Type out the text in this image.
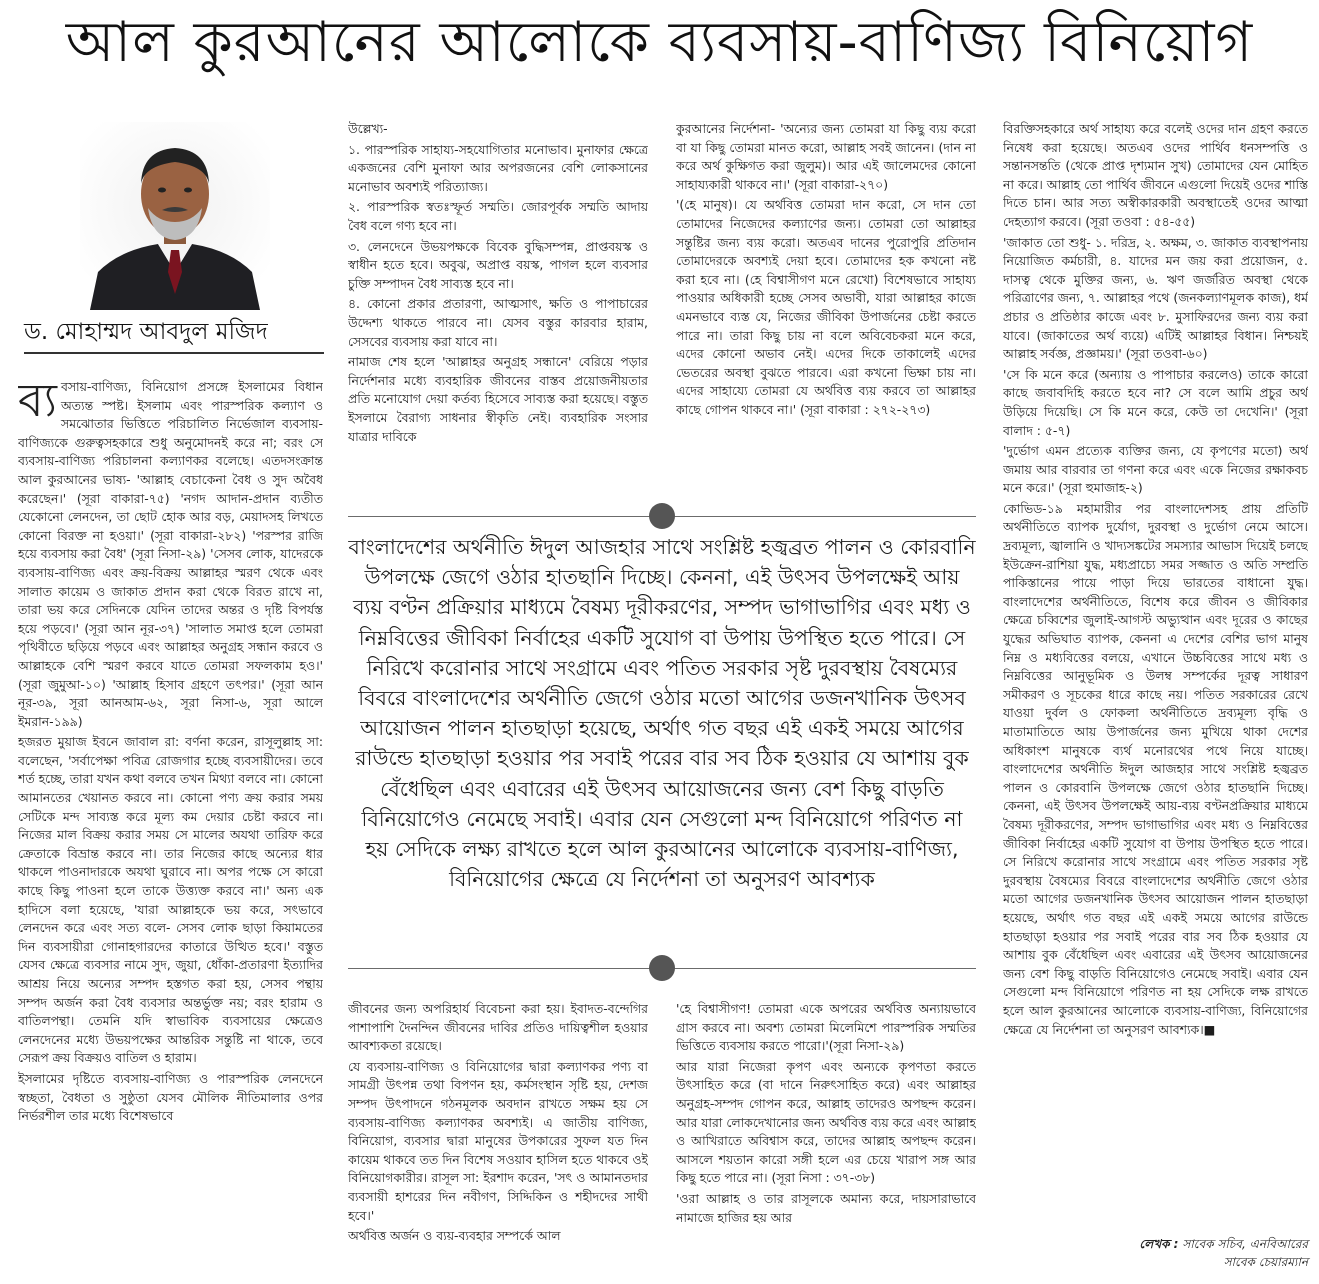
আল কুরআনের আলোকে ব্যবসায়-বাণিজ্য বিনিয়োগ
ড. মোহাম্মদ আবদুল মজিদ

ব্য বসায়-বাণিজ্য, বিনিয়োগ প্রসঙ্গে ইসলামের বিধান অত্যন্ত স্পষ্ট। ইসলাম এবং পারস্পরিক কল্যাণ ও সমঝোতার ভিত্তিতে পরিচালিত নির্ভেজাল ব্যবসায়-বাণিজ্যকে গুরুত্বসহকারে শুধু অনুমোদনই করে না; বরং সে ব্যবসায়-বাণিজ্য পরিচালনা কল্যাণকর বলেছে। এতদসংক্রান্ত আল কুরআনের ভাষ্য- 'আল্লাহ বেচাকেনা বৈধ ও সুদ অবৈধ করেছেন।' (সূরা বাকারা-৭৫) 'নগদ আদান-প্রদান ব্যতীত যেকোনো লেনদেন, তা ছোট হোক আর বড়, মেয়াদসহ লিখতে কোনো বিরক্ত না হওয়া।' (সূরা বাকারা-২৮২) 'পরস্পর রাজি হয়ে ব্যবসায় করা বৈধ' (সূরা নিসা-২৯) 'সেসব লোক, যাদেরকে ব্যবসায়-বাণিজ্য এবং ক্রয়-বিক্রয় আল্লাহর স্মরণ থেকে এবং সালাত কায়েম ও জাকাত প্রদান করা থেকে বিরত রাখে না, তারা ভয় করে সেদিনকে যেদিন তাদের অন্তর ও দৃষ্টি বিপর্যস্ত হয়ে পড়বে।' (সূরা আন নূর-৩৭) 'সালাত সমাপ্ত হলে তোমরা পৃথিবীতে ছড়িয়ে পড়বে এবং আল্লাহর অনুগ্রহ সন্ধান করবে ও আল্লাহকে বেশি স্মরণ করবে যাতে তোমরা সফলকাম হও।' (সূরা জুমুআ-১০) 'আল্লাহ হিসাব গ্রহণে তৎপর।' (সূরা আন নূর-৩৯, সূরা আনআম-৬২, সূরা নিসা-৬, সূরা আলে ইমরান-১৯৯)

হজরত মুয়াজ ইবনে জাবাল রা: বর্ণনা করেন, রাসূলুল্লাহ সা: বলেছেন, 'সর্বাপেক্ষা পবিত্র রোজগার হচ্ছে ব্যবসায়ীদের। তবে শর্ত হচ্ছে, তারা যখন কথা বলবে তখন মিথ্যা বলবে না। কোনো আমানতের খেয়ানত করবে না। কোনো পণ্য ক্রয় করার সময় সেটিকে মন্দ সাব্যস্ত করে মূল্য কম দেয়ার চেষ্টা করবে না। নিজের মাল বিক্রয় করার সময় সে মালের অযথা তারিফ করে ক্রেতাকে বিভ্রান্ত করবে না। তার নিজের কাছে অন্যের ধার থাকলে পাওনাদারকে অযথা ঘুরাবে না। অপর পক্ষে সে কারো কাছে কিছু পাওনা হলে তাকে উত্ত্যক্ত করবে না।' অন্য এক হাদিসে বলা হয়েছে, 'যারা আল্লাহকে ভয় করে, সৎভাবে লেনদেন করে এবং সত্য বলে- সেসব লোক ছাড়া কিয়ামতের দিন ব্যবসায়ীরা গোনাহগারদের কাতারে উত্থিত হবে।' বস্তুত যেসব ক্ষেত্রে ব্যবসার নামে সুদ, জুয়া, ধোঁকা-প্রতারণা ইত্যাদির আশ্রয় নিয়ে অন্যের সম্পদ হস্তগত করা হয়, সেসব পন্থায় সম্পদ অর্জন করা বৈধ ব্যবসার অন্তর্ভুক্ত নয়; বরং হারাম ও বাতিলপন্থা। তেমনি যদি স্বাভাবিক ব্যবসায়ের ক্ষেত্রেও লেনদেনের মধ্যে উভয়পক্ষের আন্তরিক সন্তুষ্টি না থাকে, তবে সেরূপ ক্রয় বিক্রয়ও বাতিল ও হারাম।

ইসলামের দৃষ্টিতে ব্যবসায়-বাণিজ্য ও পারস্পরিক লেনদেনে স্বচ্ছতা, বৈধতা ও সুষ্ঠুতা যেসব মৌলিক নীতিমালার ওপর নির্ভরশীল তার মধ্যে বিশেষভাবে

উল্লেখ্য-

১. পারস্পরিক সাহায্য-সহযোগিতার মনোভাব। মুনাফার ক্ষেত্রে একজনের বেশি মুনাফা আর অপরজনের বেশি লোকসানের মনোভাব অবশ্যই পরিত্যাজ্য।

২. পারস্পরিক স্বতঃস্ফূর্ত সম্মতি। জোরপূর্বক সম্মতি আদায় বৈধ বলে গণ্য হবে না।

৩. লেনদেনে উভয়পক্ষকে বিবেক বুদ্ধিসম্পন্ন, প্রাপ্তবয়স্ক ও স্বাধীন হতে হবে। অবুঝ, অপ্রাপ্ত বয়স্ক, পাগল হলে ব্যবসার চুক্তি সম্পাদন বৈধ সাব্যস্ত হবে না।

৪. কোনো প্রকার প্রতারণা, আত্মসাৎ, ক্ষতি ও পাপাচারের উদ্দেশ্য থাকতে পারবে না। যেসব বস্তুর কারবার হারাম, সেসবের ব্যবসায় করা যাবে না।

নামাজ শেষ হলে 'আল্লাহর অনুগ্রহ সন্ধানে' বেরিয়ে পড়ার নির্দেশনার মধ্যে ব্যবহারিক জীবনের বাস্তব প্রয়োজনীয়তার প্রতি মনোযোগ দেয়া কর্তব্য হিসেবে সাব্যস্ত করা হয়েছে। বস্তুত ইসলামে বৈরাগ্য সাধনার স্বীকৃতি নেই। ব্যবহারিক সংসার যাত্রার দাবিকে

কুরআনের নির্দেশনা- 'অন্যের জন্য তোমরা যা কিছু ব্যয় করো বা যা কিছু তোমরা মানত করো, আল্লাহ সবই জানেন। (দান না করে অর্থ কুক্ষিগত করা জুলুম)। আর এই জালেমদের কোনো সাহায্যকারী থাকবে না।' (সূরা বাকারা-২৭০)

'(হে মানুষ)। যে অর্থবিত্ত তোমরা দান করো, সে দান তো তোমাদের নিজেদের কল্যাণের জন্য। তোমরা তো আল্লাহর সন্তুষ্টির জন্য ব্যয় করো। অতএব দানের পুরোপুরি প্রতিদান তোমাদেরকে অবশ্যই দেয়া হবে। তোমাদের হক কখনো নষ্ট করা হবে না। (হে বিশ্বাসীগণ মনে রেখো) বিশেষভাবে সাহায্য পাওয়ার অধিকারী হচ্ছে সেসব অভাবী, যারা আল্লাহর কাজে এমনভাবে ব্যস্ত যে, নিজের জীবিকা উপার্জনের চেষ্টা করতে পারে না। তারা কিছু চায় না বলে অবিবেচকরা মনে করে, এদের কোনো অভাব নেই। এদের দিকে তাকালেই এদের ভেতরের অবস্থা বুঝতে পারবে। এরা কখনো ভিক্ষা চায় না। এদের সাহায্যে তোমরা যে অর্থবিত্ত ব্যয় করবে তা আল্লাহর কাছে গোপন থাকবে না।' (সূরা বাকারা : ২৭২-২৭৩)

বিরক্তিসহকারে অর্থ সাহায্য করে বলেই ওদের দান গ্রহণ করতে নিষেধ করা হয়েছে। অতএব ওদের পার্থিব ধনসম্পত্তি ও সন্তানসন্ততি (থেকে প্রাপ্ত দৃশ্যমান সুখ) তোমাদের যেন মোহিত না করে। আল্লাহ তো পার্থিব জীবনে এগুলো দিয়েই ওদের শাস্তি দিতে চান। আর সত্য অস্বীকারকারী অবস্থাতেই ওদের আত্মা দেহত্যাগ করবে। (সূরা তওবা : ৫৪-৫৫)

'জাকাত তো শুধু- ১. দরিদ্র, ২. অক্ষম, ৩. জাকাত ব্যবস্থাপনায় নিয়োজিত কর্মচারী, ৪. যাদের মন জয় করা প্রয়োজন, ৫. দাসত্ব থেকে মুক্তির জন্য, ৬. ঋণ জর্জরিত অবস্থা থেকে পরিত্রাণের জন্য, ৭. আল্লাহর পথে (জনকল্যাণমূলক কাজ), ধর্ম প্রচার ও প্রতিষ্ঠার কাজে এবং ৮. মুসাফিরদের জন্য ব্যয় করা যাবে। (জাকাতের অর্থ ব্যয়ে) এটিই আল্লাহর বিধান। নিশ্চয়ই আল্লাহ সর্বজ্ঞ, প্রজ্ঞাময়।' (সূরা তওবা-৬০)

'সে কি মনে করে (অন্যায় ও পাপাচার করলেও) তাকে কারো কাছে জবাবদিহি করতে হবে না? সে বলে আমি প্রচুর অর্থ উড়িয়ে দিয়েছি। সে কি মনে করে, কেউ তা দেখেনি।' (সূরা বালাদ : ৫-৭)

'দুর্ভোগ এমন প্রত্যেক ব্যক্তির জন্য, যে কৃপণের মতো) অর্থ জমায় আর বারবার তা গণনা করে এবং একে নিজের রক্ষাকবচ মনে করে।' (সূরা হুমাজাহ-২)

কোভিড-১৯ মহামারীর পর বাংলাদেশসহ প্রায় প্রতিটি অর্থনীতিতে ব্যাপক দুর্যোগ, দুরবস্থা ও দুর্ভোগ নেমে আসে। দ্রব্যমূল্য, জ্বালানি ও খাদ্যসঙ্কটের সমস্যার আভাস দিয়েই চলছে ইউক্রেন-রাশিয়া যুদ্ধ, মধ্যপ্রাচ্যে সমর সজ্জাত ও অতি সম্প্রতি পাকিস্তানের পায়ে পাড়া দিয়ে ভারতের বাধানো যুদ্ধ। বাংলাদেশের অর্থনীতিতে, বিশেষ করে জীবন ও জীবিকার ক্ষেত্রে চব্বিশের জুলাই-আগস্ট অভ্যুত্থান এবং দূরের ও কাছের যুদ্ধের অভিঘাত ব্যাপক, কেননা এ দেশের বেশির ভাগ মানুষ নিম্ন ও মধ্যবিত্তের বলয়ে, এখানে উচ্চবিত্তের সাথে মধ্য ও নিম্নবিত্তের আনুভূমিক ও উলম্ব সম্পর্কের দূরত্ব সাধারণ সমীকরণ ও সূচকের ধারে কাছে নয়। পতিত সরকারের রেখে যাওয়া দুর্বল ও ফোকলা অর্থনীতিতে দ্রব্যমূল্য বৃদ্ধি ও মাতামাতিতে আয় উপার্জনের জন্য মুখিয়ে থাকা দেশের অধিকাংশ মানুষকে ব্যর্থ মনোরথের পথে নিয়ে যাচ্ছে। বাংলাদেশের অর্থনীতি ঈদুল আজহার সাথে সংশ্লিষ্ট হজ্বব্রত পালন ও কোরবানি উপলক্ষে জেগে ওঠার হাতছানি দিচ্ছে। কেননা, এই উৎসব উপলক্ষেই আয়-ব্যয় বণ্টনপ্রক্রিয়ার মাধ্যমে বৈষম্য দূরীকরণের, সম্পদ ভাগাভাগির এবং মধ্য ও নিম্নবিত্তের জীবিকা নির্বাহের একটি সুযোগ বা উপায় উপস্থিত হতে পারে। সে নিরিখে করোনার সাথে সংগ্রামে এবং পতিত সরকার সৃষ্ট দুরবস্থায় বৈষম্যের বিবরে বাংলাদেশের অর্থনীতি জেগে ওঠার মতো আগের ডজনখানিক উৎসব আয়োজন পালন হাতছাড়া হয়েছে, অর্থাৎ গত বছর এই একই সময়ে আগের রাউন্ডে হাতছাড়া হওয়ার পর সবাই পরের বার সব ঠিক হওয়ার যে আশায় বুক বেঁধেছিল এবং এবারের এই উৎসব আয়োজনের জন্য বেশ কিছু বাড়তি বিনিয়োগেও নেমেছে সবাই। এবার যেন সেগুলো মন্দ বিনিয়োগে পরিণত না হয় সেদিকে লক্ষ রাখতে হলে আল কুরআনের আলোকে ব্যবসায়-বাণিজ্য, বিনিয়োগের ক্ষেত্রে যে নির্দেশনা তা অনুসরণ আবশ্যক।■

বাংলাদেশের অর্থনীতি ঈদুল আজহার সাথে সংশ্লিষ্ট হজ্বব্রত পালন ও কোরবানি উপলক্ষে জেগে ওঠার হাতছানি দিচ্ছে। কেননা, এই উৎসব উপলক্ষেই আয় ব্যয় বণ্টন প্রক্রিয়ার মাধ্যমে বৈষম্য দূরীকরণের, সম্পদ ভাগাভাগির এবং মধ্য ও নিম্নবিত্তের জীবিকা নির্বাহের একটি সুযোগ বা উপায় উপস্থিত হতে পারে। সে নিরিখে করোনার সাথে সংগ্রামে এবং পতিত সরকার সৃষ্ট দুরবস্থায় বৈষম্যের বিবরে বাংলাদেশের অর্থনীতি জেগে ওঠার মতো আগের ডজনখানিক উৎসব আয়োজন পালন হাতছাড়া হয়েছে, অর্থাৎ গত বছর এই একই সময়ে আগের রাউন্ডে হাতছাড়া হওয়ার পর সবাই পরের বার সব ঠিক হওয়ার যে আশায় বুক বেঁধেছিল এবং এবারের এই উৎসব আয়োজনের জন্য বেশ কিছু বাড়তি বিনিয়োগেও নেমেছে সবাই। এবার যেন সেগুলো মন্দ বিনিয়োগে পরিণত না হয় সেদিকে লক্ষ্য রাখতে হলে আল কুরআনের আলোকে ব্যবসায়-বাণিজ্য, বিনিয়োগের ক্ষেত্রে যে নির্দেশনা তা অনুসরণ আবশ্যক

জীবনের জন্য অপরিহার্য বিবেচনা করা হয়। ইবাদত-বন্দেগির পাশাপাশি দৈনন্দিন জীবনের দাবির প্রতিও দায়িত্বশীল হওয়ার আবশ্যকতা রয়েছে।

যে ব্যবসায়-বাণিজ্য ও বিনিয়োগের দ্বারা কল্যাণকর পণ্য বা সামগ্রী উৎপন্ন তথা বিপণন হয়, কর্মসংস্থান সৃষ্টি হয়, দেশজ সম্পদ উৎপাদনে গঠনমূলক অবদান রাখতে সক্ষম হয় সে ব্যবসায়-বাণিজ্য কল্যাণকর অবশ্যই। এ জাতীয় বাণিজ্য, বিনিয়োগ, ব্যবসার দ্বারা মানুষের উপকারের সুফল যত দিন কায়েম থাকবে তত দিন বিশেষ সওয়াব হাসিল হতে থাকবে ওই বিনিয়োগকারীর। রাসূল সা: ইরশাদ করেন, 'সৎ ও আমানতদার ব্যবসায়ী হাশরের দিন নবীগণ, সিদ্দিকিন ও শহীদদের সাথী হবে।'

অর্থবিত্ত অর্জন ও ব্যয়-ব্যবহার সম্পর্কে আল

'হে বিশ্বাসীগণ! তোমরা একে অপরের অর্থবিত্ত অন্যায়ভাবে গ্রাস করবে না। অবশ্য তোমরা মিলেমিশে পারস্পরিক সম্মতির ভিত্তিতে ব্যবসায় করতে পারো।'(সূরা নিসা-২৯)

আর যারা নিজেরা কৃপণ এবং অন্যকে কৃপণতা করতে উৎসাহিত করে (বা দানে নিরুৎসাহিত করে) এবং আল্লাহর অনুগ্রহ-সম্পদ গোপন করে, আল্লাহ তাদেরও অপছন্দ করেন। আর যারা লোকদেখানোর জন্য অর্থবিত্ত ব্যয় করে এবং আল্লাহ ও আখিরাতে অবিশ্বাস করে, তাদের আল্লাহ অপছন্দ করেন। আসলে শয়তান কারো সঙ্গী হলে এর চেয়ে খারাপ সঙ্গ আর কিছু হতে পারে না। (সূরা নিসা : ৩৭-৩৮)

'ওরা আল্লাহ ও তার রাসূলকে অমান্য করে, দায়সারাভাবে নামাজে হাজির হয় আর

লেখক : সাবেক সচিব, এনবিআরের
সাবেক চেয়ারম্যান
